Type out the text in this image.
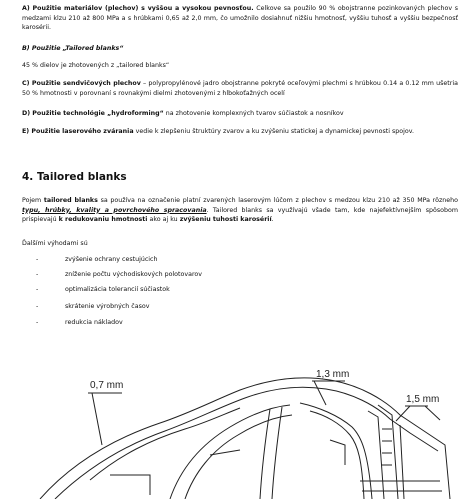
A) Použitie materiálov (plechov) s vyššou a vysokou pevnosťou. Celkove sa použilo 90 % obojstranne pozinkovaných plechov s medzami klzu 210 až 800 MPa a s hrúbkami 0,65 až 2,0 mm, čo umožnilo dosiahnuť nižšiu hmotnosť, vyššiu tuhosť a vyššiu bezpečnosť karosérii.

B) Použitie „Tailored blanks“

45 % dielov je zhotovených z „tailored blanks“

C) Použitie sendvičových plechov – polypropylénové jadro obojstranne pokryté oceľovými plechmi s hrúbkou 0.14 a 0.12 mm ušetria 50 % hmotnosti v porovnaní s rovnakými dielmi zhotovenými z hlbokoťažných ocelí

D) Použitie technológie „hydroforming“ na zhotovenie komplexných tvarov súčiastok a nosníkov

E) Použitie laserového zvárania vedie k zlepšeniu štruktúry zvarov a ku zvýšeniu statickej a dynamickej pevnosti spojov.

4. Tailored blanks

Pojem tailored blanks sa používa na označenie platní zvarených laserovým lúčom z plechov s medzou klzu 210 až 350 MPa rôzneho typu, hrúbky, kvality a povrchového spracovania. Tailored blanks sa využívajú všade tam, kde najefektívnejším spôsobom prispievajú k redukovaniu hmotnosti ako aj ku zvýšeniu tuhosti karosérií.

Ďalšími výhodami sú

-	zvýšenie ochrany cestujúcich
-	zníženie počtu východiskových polotovarov
-	optimalizácia tolerancií súčiastok
-	skrátenie výrobných časov
-	redukcia nákladov
0,7 mm
1,3 mm
1,5 mm
